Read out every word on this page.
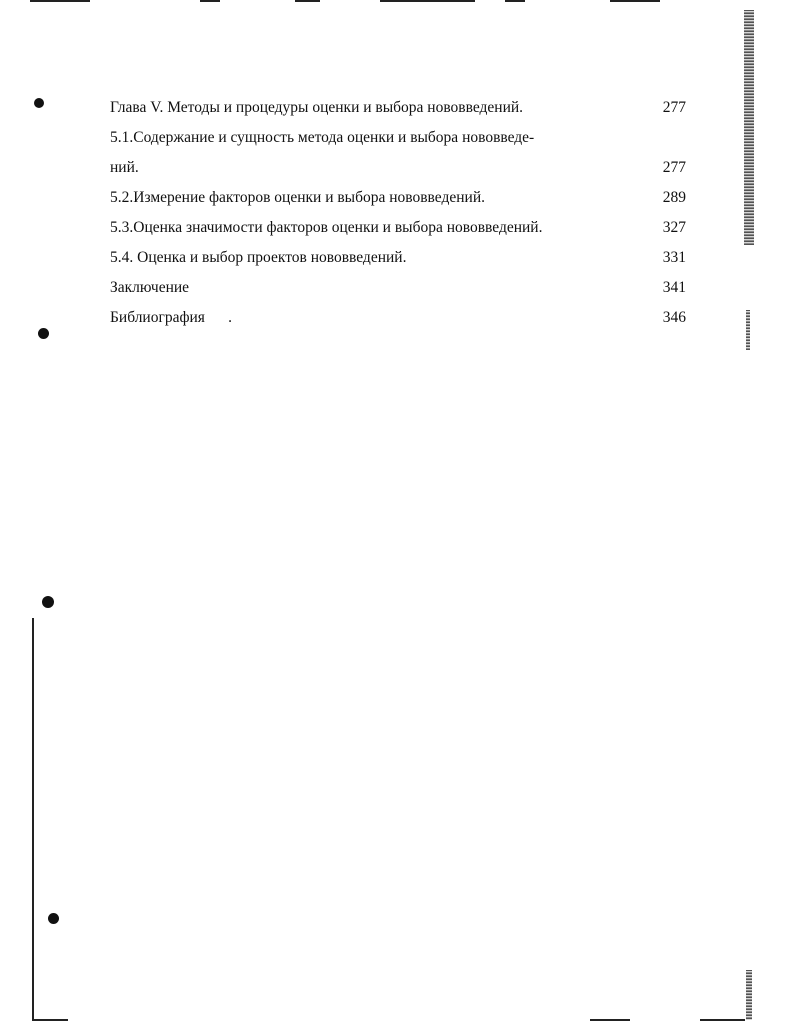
Глава V. Методы и процедуры оценки и выбора нововведений.	277
5.1.Содержание и сущность метода оценки и выбора нововведе-
ний.	277
5.2.Измерение факторов оценки и выбора нововведений.	289
5.3.Оценка значимости факторов оценки и выбора нововведений.	327
5.4. Оценка и выбор проектов нововведений.	331
Заключение	341
Библиография      .	346
